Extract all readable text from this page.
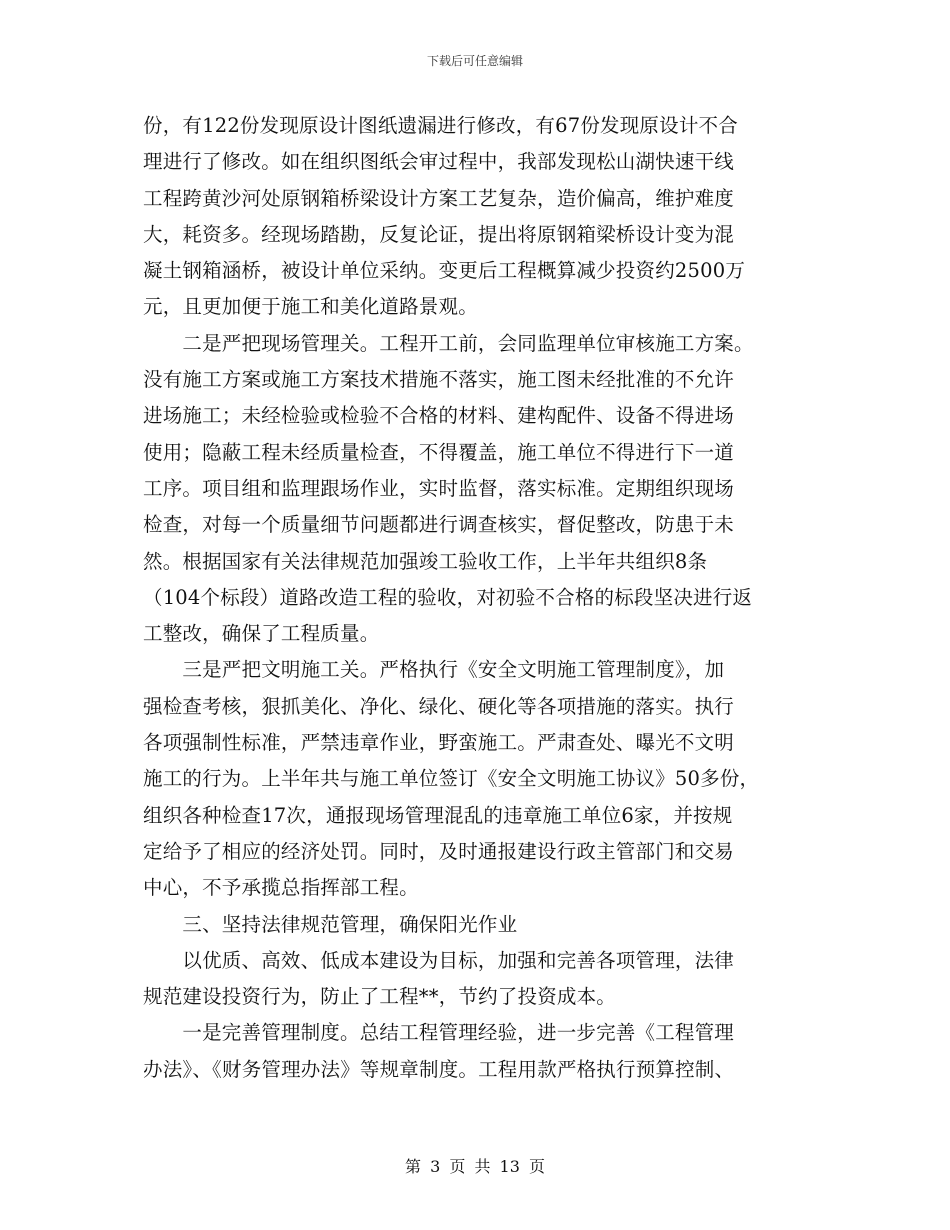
下载后可任意编辑
份，有122份发现原设计图纸遗漏进行修改，有67份发现原设计不合
理进行了修改。如在组织图纸会审过程中，我部发现松山湖快速干线
工程跨黄沙河处原钢箱桥梁设计方案工艺复杂，造价偏高，维护难度
大，耗资多。经现场踏勘，反复论证，提出将原钢箱梁桥设计变为混
凝土钢箱涵桥，被设计单位采纳。变更后工程概算减少投资约2500万
元，且更加便于施工和美化道路景观。
　　二是严把现场管理关。工程开工前，会同监理单位审核施工方案。
没有施工方案或施工方案技术措施不落实，施工图未经批准的不允许
进场施工；未经检验或检验不合格的材料、建构配件、设备不得进场
使用；隐蔽工程未经质量检查，不得覆盖，施工单位不得进行下一道
工序。项目组和监理跟场作业，实时监督，落实标准。定期组织现场
检查，对每一个质量细节问题都进行调查核实，督促整改，防患于未
然。根据国家有关法律规范加强竣工验收工作，上半年共组织8条
（104个标段）道路改造工程的验收，对初验不合格的标段坚决进行返
工整改，确保了工程质量。
　　三是严把文明施工关。严格执行《安全文明施工管理制度》，加
强检查考核，狠抓美化、净化、绿化、硬化等各项措施的落实。执行
各项强制性标准，严禁违章作业，野蛮施工。严肃查处、曝光不文明
施工的行为。上半年共与施工单位签订《安全文明施工协议》50多份，
组织各种检查17次，通报现场管理混乱的违章施工单位6家，并按规
定给予了相应的经济处罚。同时，及时通报建设行政主管部门和交易
中心，不予承揽总指挥部工程。
　　三、坚持法律规范管理，确保阳光作业
　　以优质、高效、低成本建设为目标，加强和完善各项管理，法律
规范建设投资行为，防止了工程**，节约了投资成本。
　　一是完善管理制度。总结工程管理经验，进一步完善《工程管理
办法》、《财务管理办法》等规章制度。工程用款严格执行预算控制、
第 3 页 共 13 页
